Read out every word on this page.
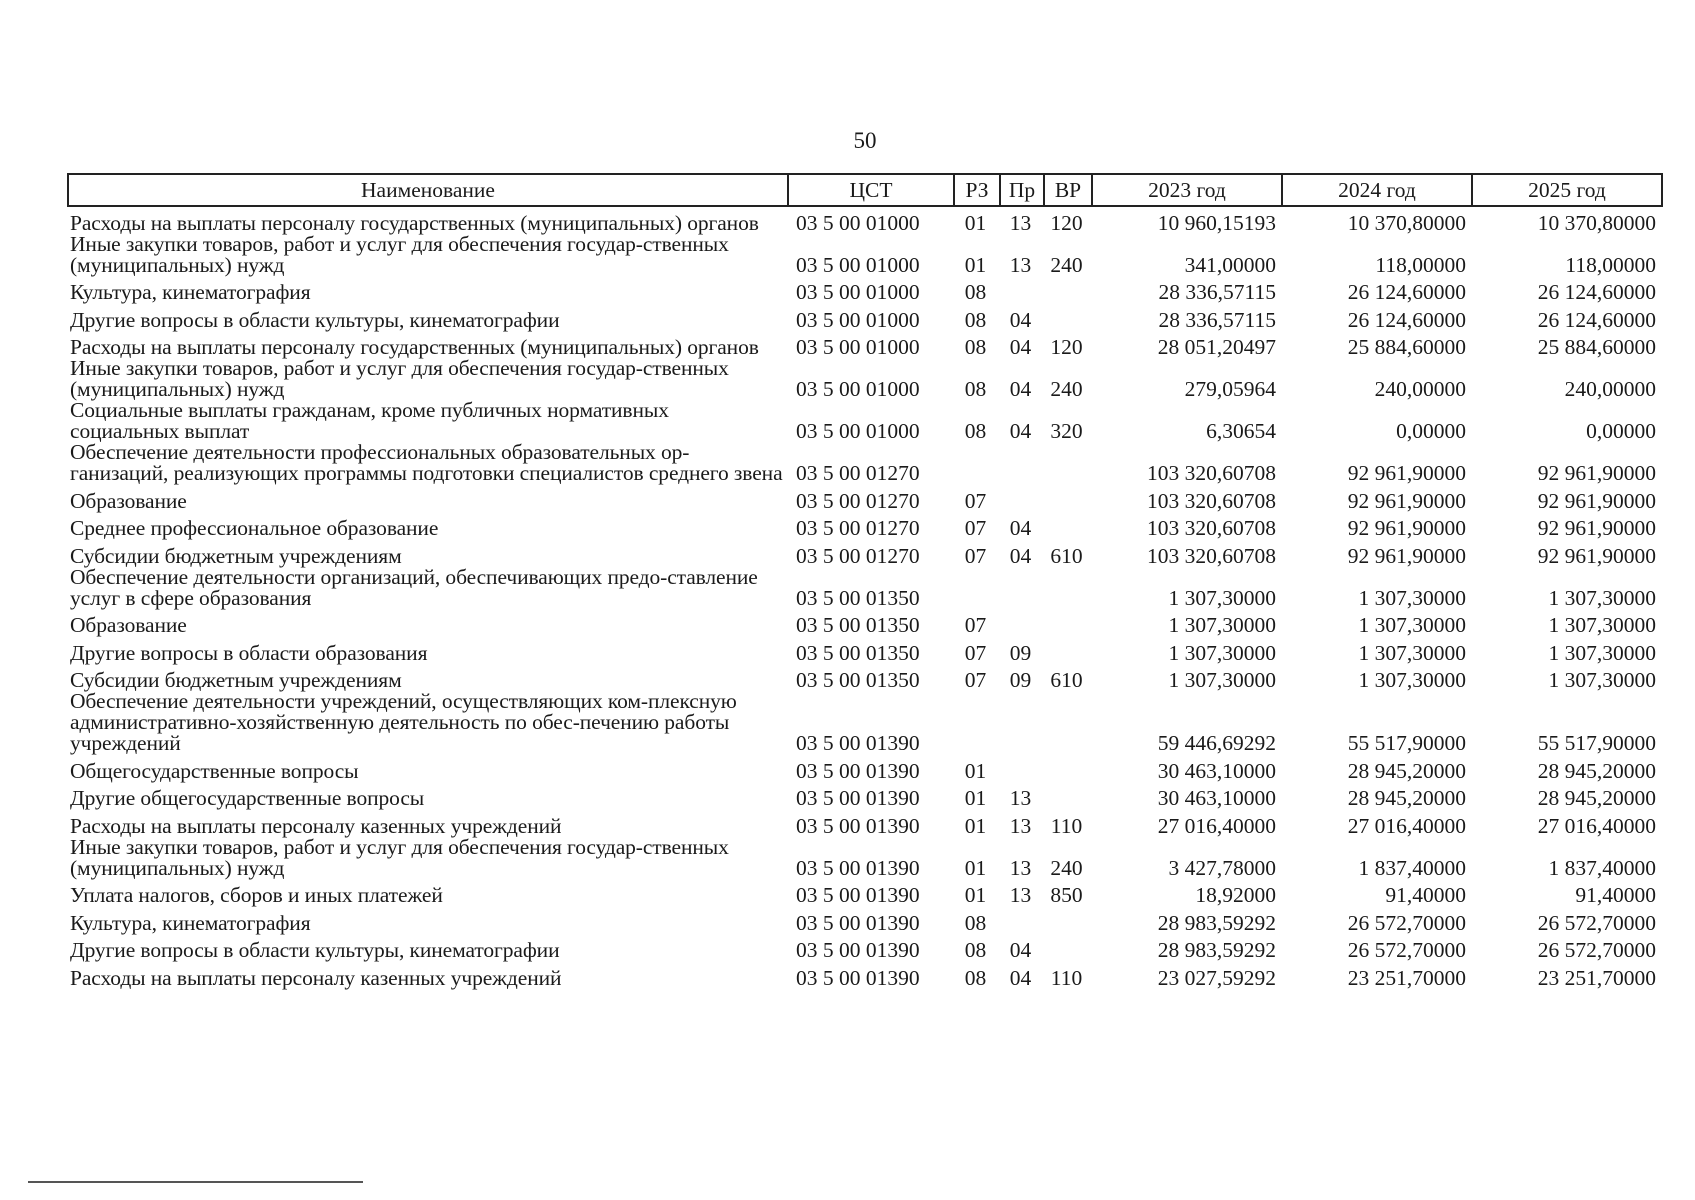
50
Наименование	ЦСТ	РЗ	Пр	ВР	2023 год	2024 год	2025 год
Расходы на выплаты персоналу государственных (муниципальных) органов	03 5 00 01000	01	13	120	10 960,15193	10 370,80000	10 370,80000
Иные закупки товаров, работ и услуг для обеспечения государ-ственных (муниципальных) нужд	03 5 00 01000	01	13	240	341,00000	118,00000	118,00000
Культура, кинематография	03 5 00 01000	08			28 336,57115	26 124,60000	26 124,60000
Другие вопросы в области культуры, кинематографии	03 5 00 01000	08	04		28 336,57115	26 124,60000	26 124,60000
Расходы на выплаты персоналу государственных (муниципальных) органов	03 5 00 01000	08	04	120	28 051,20497	25 884,60000	25 884,60000
Иные закупки товаров, работ и услуг для обеспечения государ-ственных (муниципальных) нужд	03 5 00 01000	08	04	240	279,05964	240,00000	240,00000
Социальные выплаты гражданам, кроме публичных нормативных социальных выплат	03 5 00 01000	08	04	320	6,30654	0,00000	0,00000
Обеспечение деятельности профессиональных образовательных ор-ганизаций, реализующих программы подготовки специалистов среднего звена	03 5 00 01270				103 320,60708	92 961,90000	92 961,90000
Образование	03 5 00 01270	07			103 320,60708	92 961,90000	92 961,90000
Среднее профессиональное образование	03 5 00 01270	07	04		103 320,60708	92 961,90000	92 961,90000
Субсидии бюджетным учреждениям	03 5 00 01270	07	04	610	103 320,60708	92 961,90000	92 961,90000
Обеспечение деятельности организаций, обеспечивающих предо-ставление услуг в сфере образования	03 5 00 01350				1 307,30000	1 307,30000	1 307,30000
Образование	03 5 00 01350	07			1 307,30000	1 307,30000	1 307,30000
Другие вопросы в области образования	03 5 00 01350	07	09		1 307,30000	1 307,30000	1 307,30000
Субсидии бюджетным учреждениям	03 5 00 01350	07	09	610	1 307,30000	1 307,30000	1 307,30000
Обеспечение деятельности учреждений, осуществляющих ком-плексную административно-хозяйственную деятельность по обес-печению работы учреждений	03 5 00 01390				59 446,69292	55 517,90000	55 517,90000
Общегосударственные вопросы	03 5 00 01390	01			30 463,10000	28 945,20000	28 945,20000
Другие общегосударственные вопросы	03 5 00 01390	01	13		30 463,10000	28 945,20000	28 945,20000
Расходы на выплаты персоналу казенных учреждений	03 5 00 01390	01	13	110	27 016,40000	27 016,40000	27 016,40000
Иные закупки товаров, работ и услуг для обеспечения государ-ственных (муниципальных) нужд	03 5 00 01390	01	13	240	3 427,78000	1 837,40000	1 837,40000
Уплата налогов, сборов и иных платежей	03 5 00 01390	01	13	850	18,92000	91,40000	91,40000
Культура, кинематография	03 5 00 01390	08			28 983,59292	26 572,70000	26 572,70000
Другие вопросы в области культуры, кинематографии	03 5 00 01390	08	04		28 983,59292	26 572,70000	26 572,70000
Расходы на выплаты персоналу казенных учреждений	03 5 00 01390	08	04	110	23 027,59292	23 251,70000	23 251,70000
